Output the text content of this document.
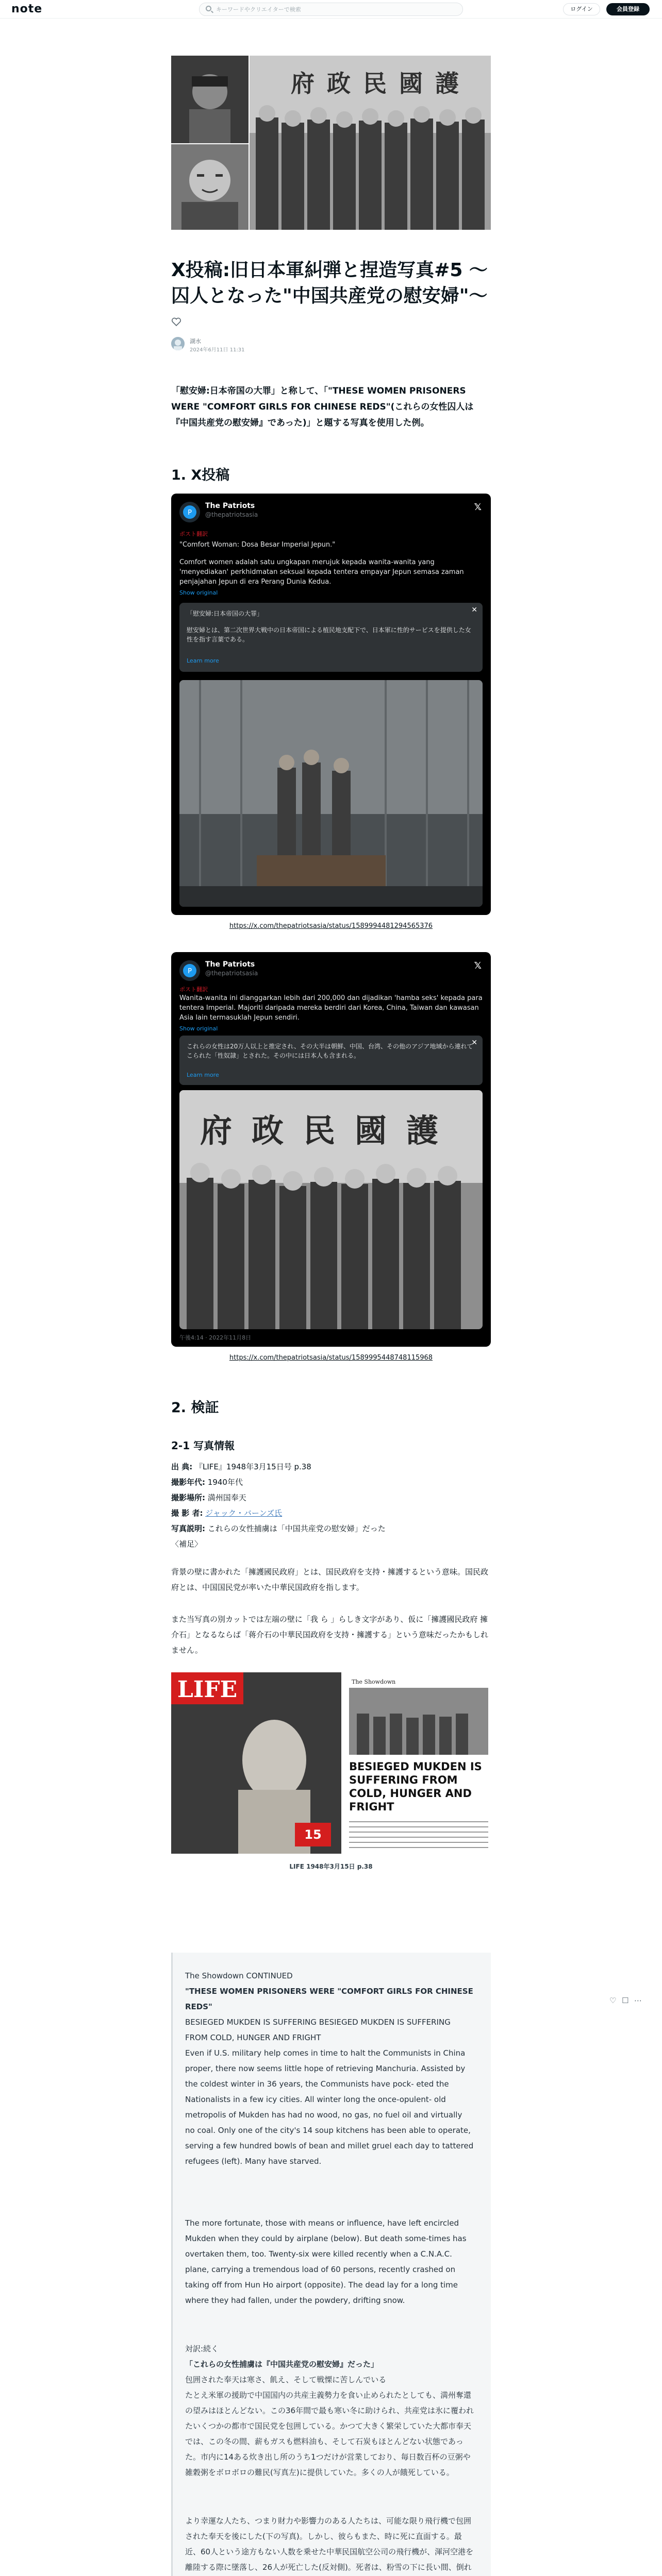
note
キーワードやクリエイターで検索	ログイン	会員登録
府 政 民 國 護
X投稿:旧日本軍糾弾と捏造写真#5 〜囚人となった"中国共産党の慰安婦"〜
湖水
2024年6月11日 11:31
「慰安婦:日本帝国の大罪」と称して、「"THESE WOMEN PRISONERS WERE "COMFORT GIRLS FOR CHINESE REDS"(これらの女性囚人は『中国共産党の慰安婦』であった)」と題する写真を使用した例。
1. X投稿
P
The Patriots
@thepatriotsasia
𝕏
ポスト翻訳
"Comfort Woman: Dosa Besar Imperial Jepun."
Comfort women adalah satu ungkapan merujuk kepada wanita-wanita yang 'menyediakan' perkhidmatan seksual kepada tentera empayar Jepun semasa zaman penjajahan Jepun di era Perang Dunia Kedua.
Show original
✕
「慰安婦:日本帝国の大罪」
慰安婦とは、第二次世界大戦中の日本帝国による植民地支配下で、日本軍に性的サービスを提供した女性を指す言葉である。
Learn more
https://x.com/thepatriotsasia/status/1589994481294565376
P
The Patriots
@thepatriotsasia
𝕏
ポスト翻訳
Wanita-wanita ini dianggarkan lebih dari 200,000 dan dijadikan 'hamba seks' kepada para tentera Imperial. Majoriti daripada mereka berdiri dari Korea, China, Taiwan dan kawasan Asia lain termasuklah Jepun sendiri.
Show original
✕
これらの女性は20万人以上と推定され、その大半は朝鮮、中国、台湾、その他のアジア地域から連れてこられた「性奴隷」とされた。その中には日本人も含まれる。
Learn more
府 政 民 國 護
午後4:14 · 2022年11月8日
https://x.com/thepatriotsasia/status/1589995448748115968
2. 検証
2-1 写真情報
出 典: 『LIFE』1948年3月15日号 p.38
撮影年代: 1940年代
撮影場所: 満州国奉天
撮 影 者: ジャック・バーンズ氏
写真説明: これらの女性捕虜は「中国共産党の慰安婦」だった
〈補足〉
背景の壁に書かれた「擁護國民政府」とは、国民政府を支持・擁護するという意味。国民政府とは、中国国民党が率いた中華民国政府を指します。
また当写真の別カットでは左端の壁に「我 ら 」らしき文字があり、仮に「擁護國民政府 擁介石」となるならば「蒋介石の中華民国政府を支持・擁護する」という意味だったかもしれません。
LIFE
15
The Showdown
BESIEGED MUKDEN IS SUFFERING FROM COLD, HUNGER AND FRIGHT
LIFE 1948年3月15日 p.38
The Showdown CONTINUED
"THESE WOMEN PRISONERS WERE "COMFORT GIRLS FOR CHINESE REDS"
BESIEGED MUKDEN IS SUFFERING BESIEGED MUKDEN IS SUFFERING FROM COLD, HUNGER AND FRIGHT
Even if U.S. military help comes in time to halt the Communists in China proper, there now seems little hope of retrieving Manchuria. Assisted by the coldest winter in 36 years, the Communists have pock- eted the Nationalists in a few icy cities. All winter long the once-opulent- old metropolis of Mukden has had no wood, no gas, no fuel oil and virtually no coal. Only one of the city's 14 soup kitchens has been able to operate, serving a few hundred bowls of bean and millet gruel each day to tattered refugees (left). Many have starved.
The more fortunate, those with means or influence, have left encircled Mukden when they could by airplane (below). But death some-times has overtaken them, too. Twenty-six were killed recently when a C.N.A.C. plane, carrying a tremendous load of 60 persons, recently crashed on taking off from Hun Ho airport (opposite). The dead lay for a long time where they had fallen, under the powdery, drifting snow.
対訳:続く
「これらの女性捕虜は『中国共産党の慰安婦』だった」
包囲された奉天は寒さ、飢え、そして戦慄に苦しんでいる
たとえ米軍の援助で中国国内の共産主義勢力を食い止められたとしても、満州奪還の望みはほとんどない。この36年間で最も寒い冬に助けられ、共産党は氷に覆われたいくつかの都市で国民党を包囲している。かつて大きく繁栄していた大都市奉天では、この冬の間、薪もガスも燃料油も、そして石炭もほとんどない状態であった。市内に14ある炊き出し所のうち1つだけが営業しており、毎日数百杯の豆粥や雑穀粥をボロボロの難民(写真左)に提供していた。多くの人が餓死している。
より幸運な人たち、つまり財力や影響力のある人たちは、可能な限り飛行機で包囲された奉天を後にした(下の写真)。しかし、彼らもまた、時に死に直面する。最近、60人という途方もない人数を乗せた中華民国航空公司の飛行機が、渾河空港を離陸する際に墜落し、26人が死亡した(反対側)。死者は、粉雪の下に長い間、倒れ
♡ ☐ ⋯
